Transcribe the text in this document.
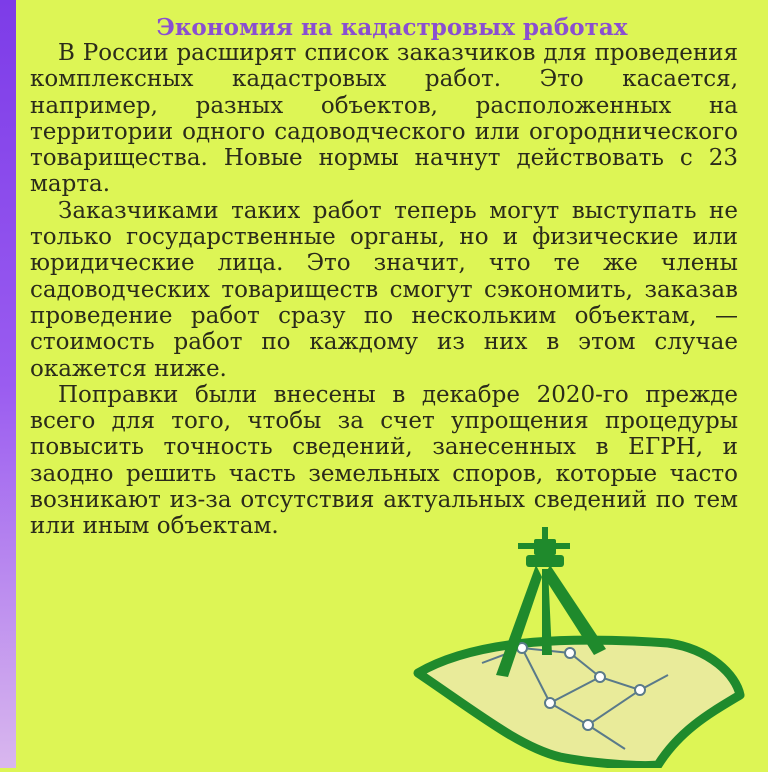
Экономия на кадастровых работах

В России расширят список заказчиков для проведения комплексных кадастровых работ. Это касается, например, разных объектов, расположенных на территории одного садоводческого или огороднического товарищества. Новые нормы начнут действовать с 23 марта.

Заказчиками таких работ теперь могут выступать не только государственные органы, но и физические или юридические лица. Это значит, что те же члены садоводческих товариществ смогут сэкономить, заказав проведение работ сразу по нескольким объектам, — стоимость работ по каждому из них в этом случае окажется ниже.

Поправки были внесены в декабре 2020-го прежде всего для того, чтобы за счет упрощения процедуры повысить точность сведений, занесенных в ЕГРН, и заодно решить часть земельных споров, которые часто возникают из-за отсутствия актуальных сведений по тем или иным объектам.
